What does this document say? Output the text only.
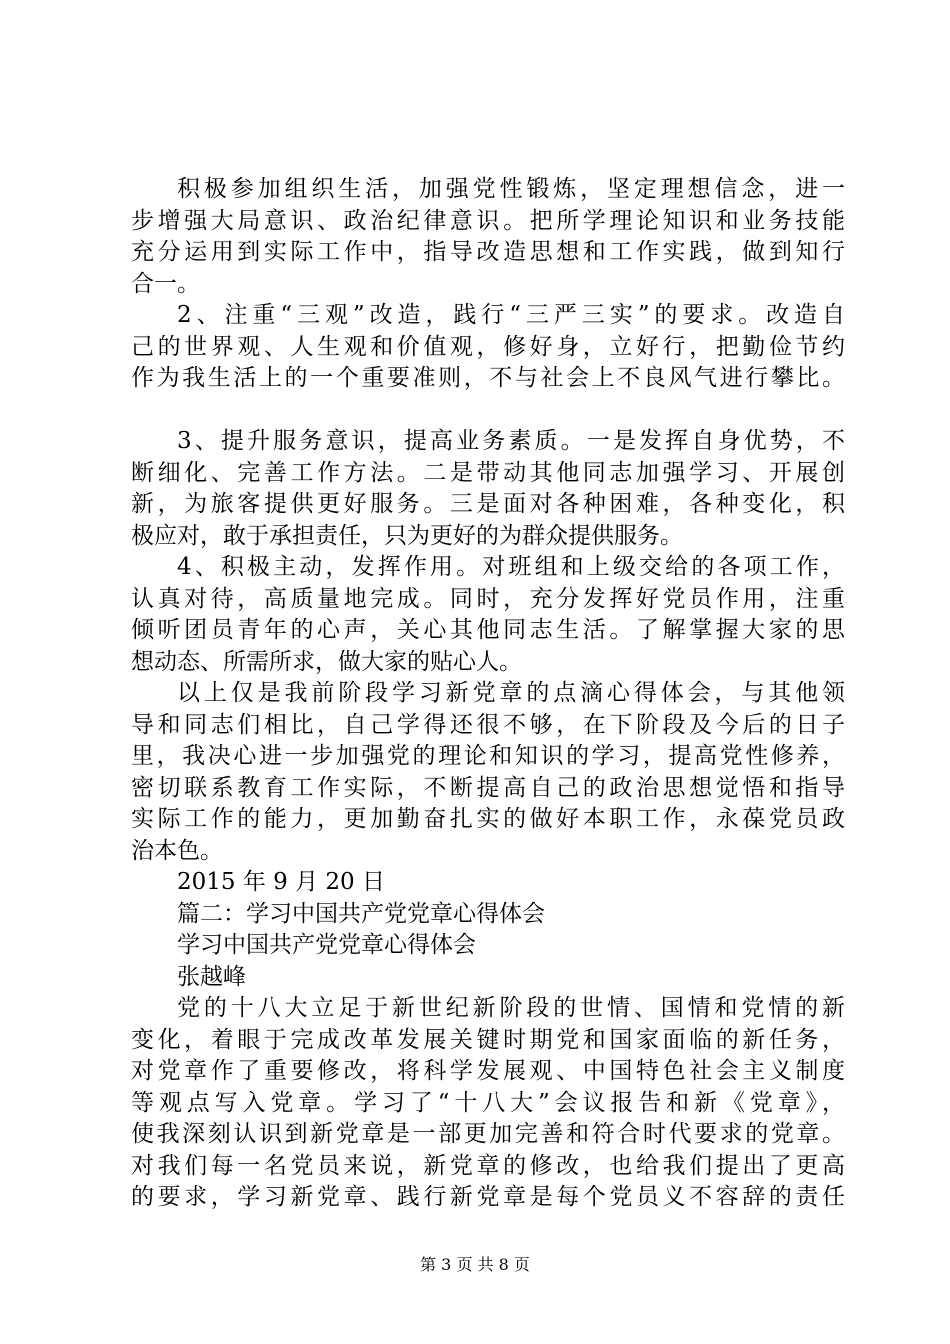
积极参加组织生活，加强党性锻炼，坚定理想信念，进一
步增强大局意识、政治纪律意识。把所学理论知识和业务技能
充分运用到实际工作中，指导改造思想和工作实践，做到知行
合一。
2、注重“三观”改造，践行“三严三实”的要求。改造自
己的世界观、人生观和价值观，修好身，立好行，把勤俭节约
作为我生活上的一个重要准则，不与社会上不良风气进行攀比。
3、提升服务意识，提高业务素质。一是发挥自身优势，不
断细化、完善工作方法。二是带动其他同志加强学习、开展创
新，为旅客提供更好服务。三是面对各种困难，各种变化，积
极应对，敢于承担责任，只为更好的为群众提供服务。
4、积极主动，发挥作用。对班组和上级交给的各项工作，
认真对待，高质量地完成。同时，充分发挥好党员作用，注重
倾听团员青年的心声，关心其他同志生活。了解掌握大家的思
想动态、所需所求，做大家的贴心人。
以上仅是我前阶段学习新党章的点滴心得体会，与其他领
导和同志们相比，自己学得还很不够，在下阶段及今后的日子
里，我决心进一步加强党的理论和知识的学习，提高党性修养，
密切联系教育工作实际，不断提高自己的政治思想觉悟和指导
实际工作的能力，更加勤奋扎实的做好本职工作，永葆党员政
治本色。
2015 年 9 月 20 日
篇二：学习中国共产党党章心得体会
学习中国共产党党章心得体会
张越峰
党的十八大立足于新世纪新阶段的世情、国情和党情的新
变化，着眼于完成改革发展关键时期党和国家面临的新任务，
对党章作了重要修改，将科学发展观、中国特色社会主义制度
等观点写入党章。学习了“十八大”会议报告和新《党章》，
使我深刻认识到新党章是一部更加完善和符合时代要求的党章。
对我们每一名党员来说，新党章的修改，也给我们提出了更高
的要求，学习新党章、践行新党章是每个党员义不容辞的责任
第 3 页 共 8 页
